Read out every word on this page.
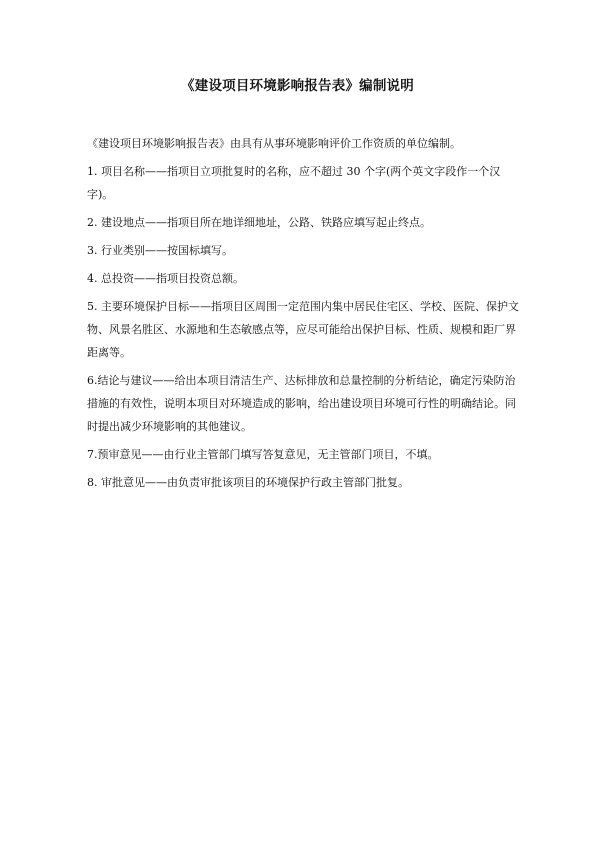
《建设项目环境影响报告表》编制说明

《建设项目环境影响报告表》由具有从事环境影响评价工作资质的单位编制。

1. 项目名称——指项目立项批复时的名称，应不超过 30 个字(两个英文字段作一个汉字)。

2. 建设地点——指项目所在地详细地址，公路、铁路应填写起止终点。

3. 行业类别——按国标填写。

4. 总投资——指项目投资总额。

5. 主要环境保护目标——指项目区周围一定范围内集中居民住宅区、学校、医院、保护文物、风景名胜区、水源地和生态敏感点等，应尽可能给出保护目标、性质、规模和距厂界距离等。

6.结论与建议——给出本项目清洁生产、达标排放和总量控制的分析结论，确定污染防治措施的有效性，说明本项目对环境造成的影响，给出建设项目环境可行性的明确结论。同时提出减少环境影响的其他建议。

7.预审意见——由行业主管部门填写答复意见，无主管部门项目，不填。

8. 审批意见——由负责审批该项目的环境保护行政主管部门批复。
